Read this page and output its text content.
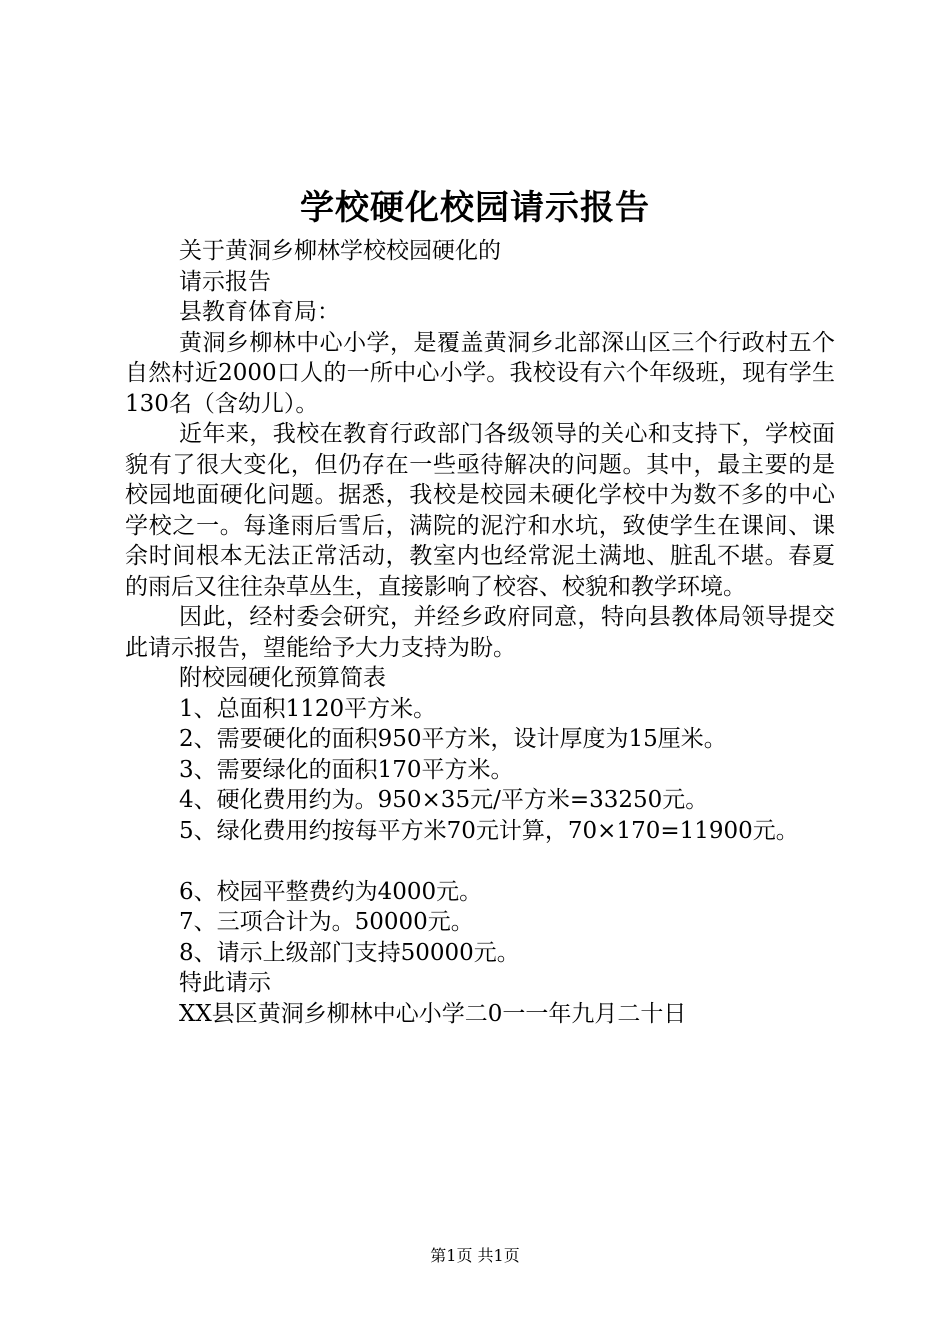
学校硬化校园请示报告
关于黄洞乡柳林学校校园硬化的
请示报告
县教育体育局：
黄洞乡柳林中心小学，是覆盖黄洞乡北部深山区三个行政村五个自然村近2000口人的一所中心小学。我校设有六个年级班，现有学生130名（含幼儿）。
近年来，我校在教育行政部门各级领导的关心和支持下，学校面貌有了很大变化，但仍存在一些亟待解决的问题。其中，最主要的是校园地面硬化问题。据悉，我校是校园未硬化学校中为数不多的中心学校之一。每逢雨后雪后，满院的泥泞和水坑，致使学生在课间、课余时间根本无法正常活动，教室内也经常泥土满地、脏乱不堪。春夏的雨后又往往杂草丛生，直接影响了校容、校貌和教学环境。
因此，经村委会研究，并经乡政府同意，特向县教体局领导提交此请示报告，望能给予大力支持为盼。
附校园硬化预算简表
1、总面积1120平方米。
2、需要硬化的面积950平方米，设计厚度为15厘米。
3、需要绿化的面积170平方米。
4、硬化费用约为。950×35元/平方米=33250元。
5、绿化费用约按每平方米70元计算，70×170=11900元。
6、校园平整费约为4000元。
7、三项合计为。50000元。
8、请示上级部门支持50000元。
特此请示
XX县区黄洞乡柳林中心小学二0一一年九月二十日
第1页 共1页
